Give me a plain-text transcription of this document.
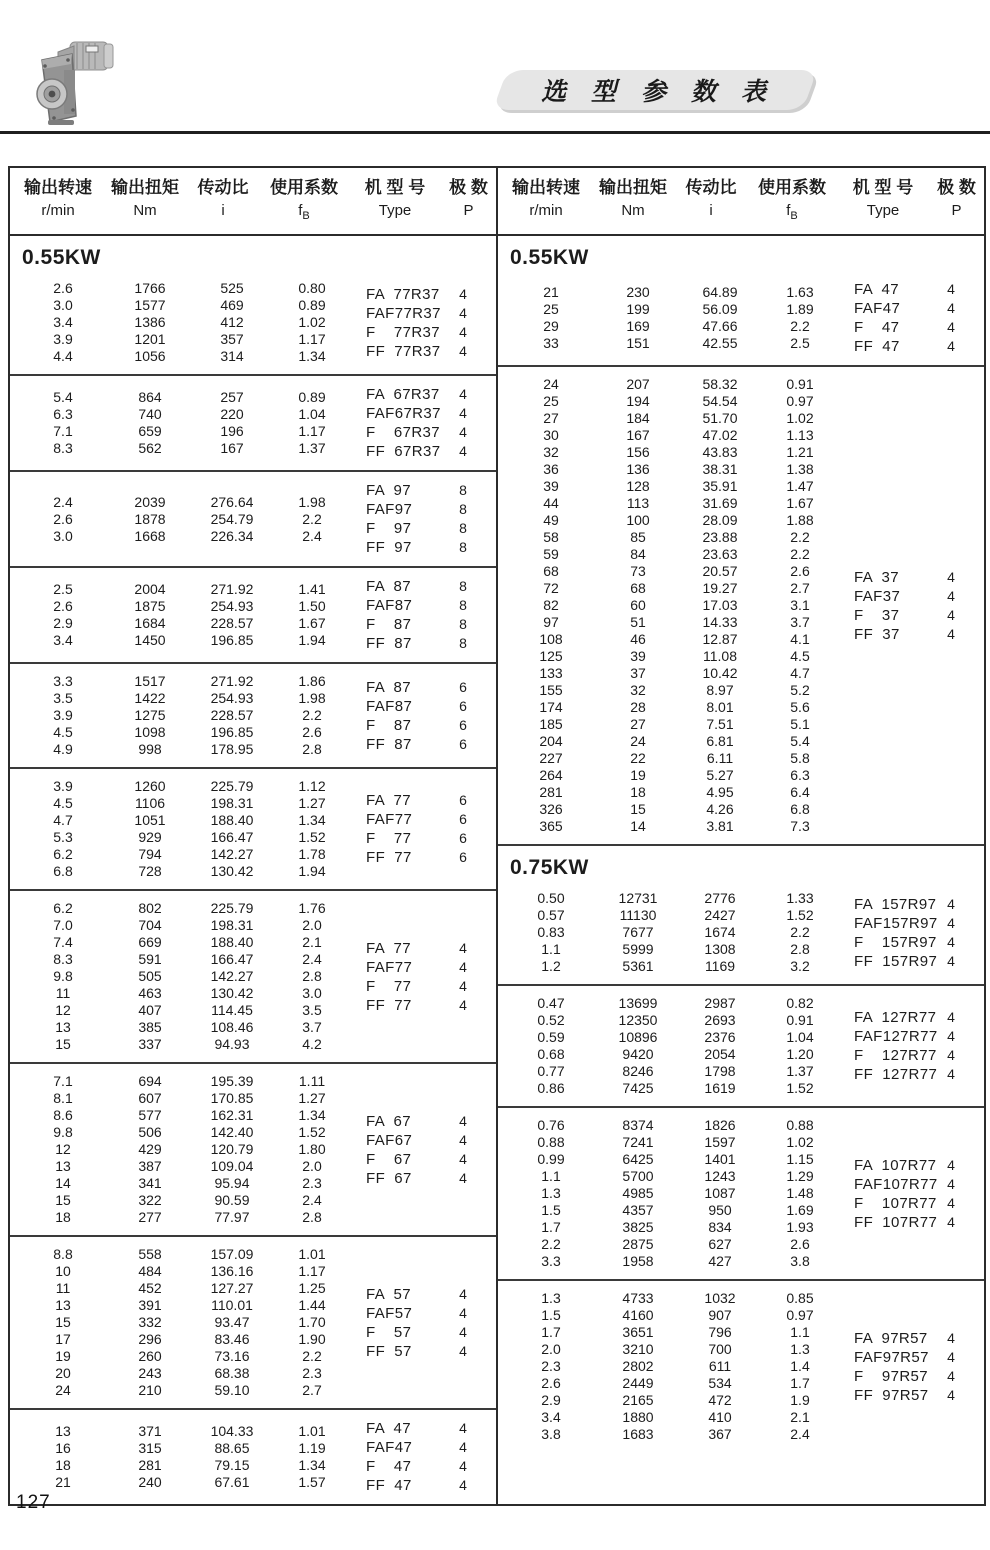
选 型 参 数 表
输出转速
r/min
输出扭矩
Nm
传动比
i
使用系数
$f_B$
机 型 号
Type
极 数
P
0.55KW
2.6	1766	525	0.80
3.0	1577	469	0.89
3.4	1386	412	1.02
3.9	1201	357	1.17
4.4	1056	314	1.34
FA  77R37	4
FAF77R37	4
F    77R37	4
FF  77R37	4
5.4	864	257	0.89
6.3	740	220	1.04
7.1	659	196	1.17
8.3	562	167	1.37
FA  67R37	4
FAF67R37	4
F    67R37	4
FF  67R37	4
2.4	2039	276.64	1.98
2.6	1878	254.79	2.2
3.0	1668	226.34	2.4
FA  97	8
FAF97	8
F    97	8
FF  97	8
2.5	2004	271.92	1.41
2.6	1875	254.93	1.50
2.9	1684	228.57	1.67
3.4	1450	196.85	1.94
FA  87	8
FAF87	8
F    87	8
FF  87	8
3.3	1517	271.92	1.86
3.5	1422	254.93	1.98
3.9	1275	228.57	2.2
4.5	1098	196.85	2.6
4.9	998	178.95	2.8
FA  87	6
FAF87	6
F    87	6
FF  87	6
3.9	1260	225.79	1.12
4.5	1106	198.31	1.27
4.7	1051	188.40	1.34
5.3	929	166.47	1.52
6.2	794	142.27	1.78
6.8	728	130.42	1.94
FA  77	6
FAF77	6
F    77	6
FF  77	6
6.2	802	225.79	1.76
7.0	704	198.31	2.0
7.4	669	188.40	2.1
8.3	591	166.47	2.4
9.8	505	142.27	2.8
11	463	130.42	3.0
12	407	114.45	3.5
13	385	108.46	3.7
15	337	94.93	4.2
FA  77	4
FAF77	4
F    77	4
FF  77	4
7.1	694	195.39	1.11
8.1	607	170.85	1.27
8.6	577	162.31	1.34
9.8	506	142.40	1.52
12	429	120.79	1.80
13	387	109.04	2.0
14	341	95.94	2.3
15	322	90.59	2.4
18	277	77.97	2.8
FA  67	4
FAF67	4
F    67	4
FF  67	4
8.8	558	157.09	1.01
10	484	136.16	1.17
11	452	127.27	1.25
13	391	110.01	1.44
15	332	93.47	1.70
17	296	83.46	1.90
19	260	73.16	2.2
20	243	68.38	2.3
24	210	59.10	2.7
FA  57	4
FAF57	4
F    57	4
FF  57	4
13	371	104.33	1.01
16	315	88.65	1.19
18	281	79.15	1.34
21	240	67.61	1.57
FA  47	4
FAF47	4
F    47	4
FF  47	4
输出转速
r/min
输出扭矩
Nm
传动比
i
使用系数
$f_B$
机 型 号
Type
极 数
P
0.55KW
21	230	64.89	1.63
25	199	56.09	1.89
29	169	47.66	2.2
33	151	42.55	2.5
FA  47	4
FAF47	4
F    47	4
FF  47	4
24	207	58.32	0.91
25	194	54.54	0.97
27	184	51.70	1.02
30	167	47.02	1.13
32	156	43.83	1.21
36	136	38.31	1.38
39	128	35.91	1.47
44	113	31.69	1.67
49	100	28.09	1.88
58	85	23.88	2.2
59	84	23.63	2.2
68	73	20.57	2.6
72	68	19.27	2.7
82	60	17.03	3.1
97	51	14.33	3.7
108	46	12.87	4.1
125	39	11.08	4.5
133	37	10.42	4.7
155	32	8.97	5.2
174	28	8.01	5.6
185	27	7.51	5.1
204	24	6.81	5.4
227	22	6.11	5.8
264	19	5.27	6.3
281	18	4.95	6.4
326	15	4.26	6.8
365	14	3.81	7.3
FA  37	4
FAF37	4
F    37	4
FF  37	4
0.75KW
0.50	12731	2776	1.33
0.57	11130	2427	1.52
0.83	7677	1674	2.2
1.1	5999	1308	2.8
1.2	5361	1169	3.2
FA  157R97 4
FAF157R97 4
F    157R97 4
FF  157R97 4
0.47	13699	2987	0.82
0.52	12350	2693	0.91
0.59	10896	2376	1.04
0.68	9420	2054	1.20
0.77	8246	1798	1.37
0.86	7425	1619	1.52
FA  127R77 4
FAF127R77 4
F    127R77 4
FF  127R77 4
0.76	8374	1826	0.88
0.88	7241	1597	1.02
0.99	6425	1401	1.15
1.1	5700	1243	1.29
1.3	4985	1087	1.48
1.5	4357	950	1.69
1.7	3825	834	1.93
2.2	2875	627	2.6
3.3	1958	427	3.8
FA  107R77 4
FAF107R77 4
F    107R77 4
FF  107R77 4
1.3	4733	1032	0.85
1.5	4160	907	0.97
1.7	3651	796	1.1
2.0	3210	700	1.3
2.3	2802	611	1.4
2.6	2449	534	1.7
2.9	2165	472	1.9
3.4	1880	410	2.1
3.8	1683	367	2.4
FA  97R57	4
FAF97R57	4
F    97R57	4
FF  97R57	4
127
